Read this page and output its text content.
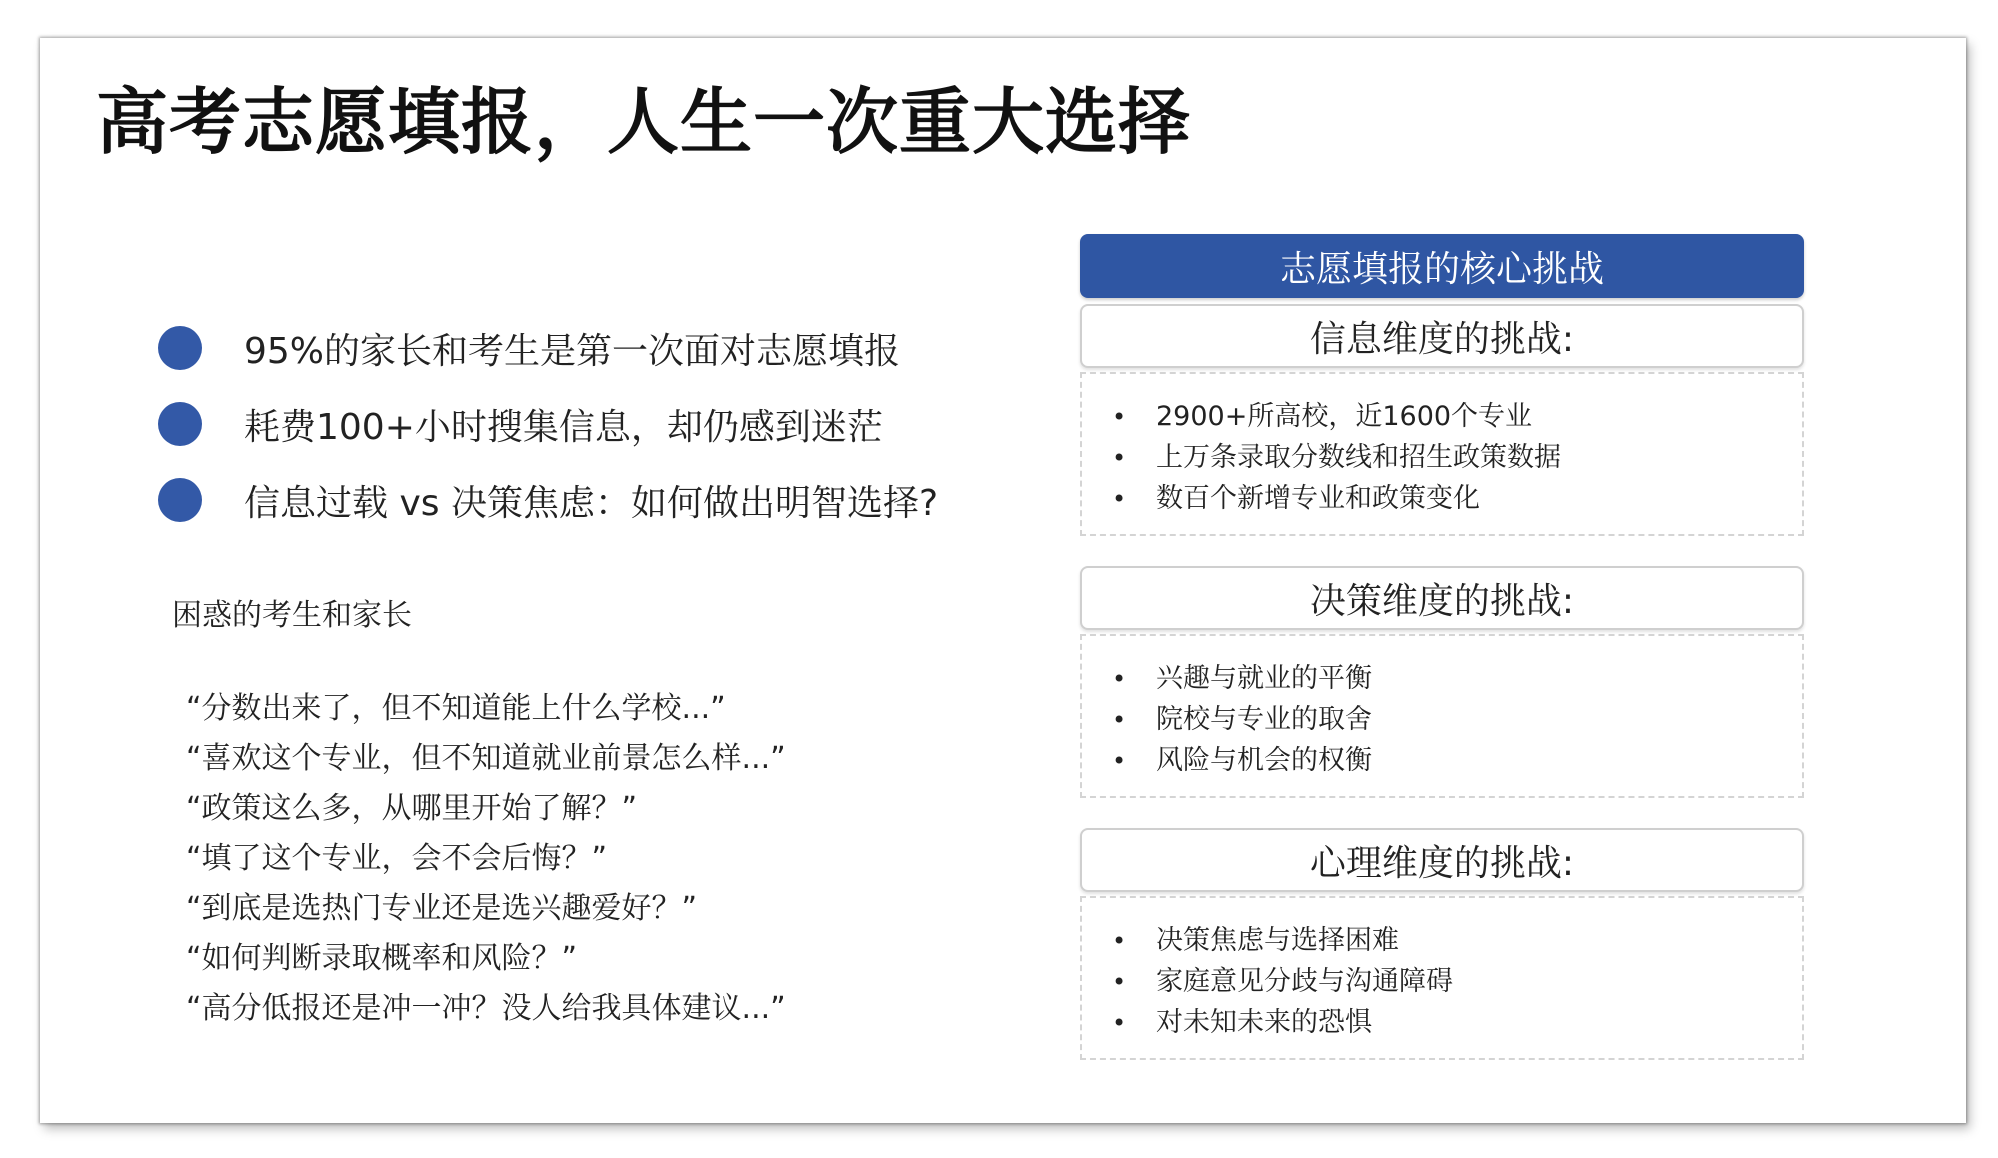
高考志愿填报，人生一次重大选择
95%的家长和考生是第一次面对志愿填报
耗费100+小时搜集信息，却仍感到迷茫
信息过载 vs 决策焦虑：如何做出明智选择?
困惑的考生和家长
“分数出来了，但不知道能上什么学校...”
“喜欢这个专业，但不知道就业前景怎么样...”
“政策这么多，从哪里开始了解？”
“填了这个专业，会不会后悔？”
“到底是选热门专业还是选兴趣爱好？”
“如何判断录取概率和风险？”
“高分低报还是冲一冲？没人给我具体建议...”
志愿填报的核心挑战
信息维度的挑战:
• 2900+所高校，近1600个专业
• 上万条录取分数线和招生政策数据
• 数百个新增专业和政策变化
决策维度的挑战:
• 兴趣与就业的平衡
• 院校与专业的取舍
• 风险与机会的权衡
心理维度的挑战:
• 决策焦虑与选择困难
• 家庭意见分歧与沟通障碍
• 对未知未来的恐惧
